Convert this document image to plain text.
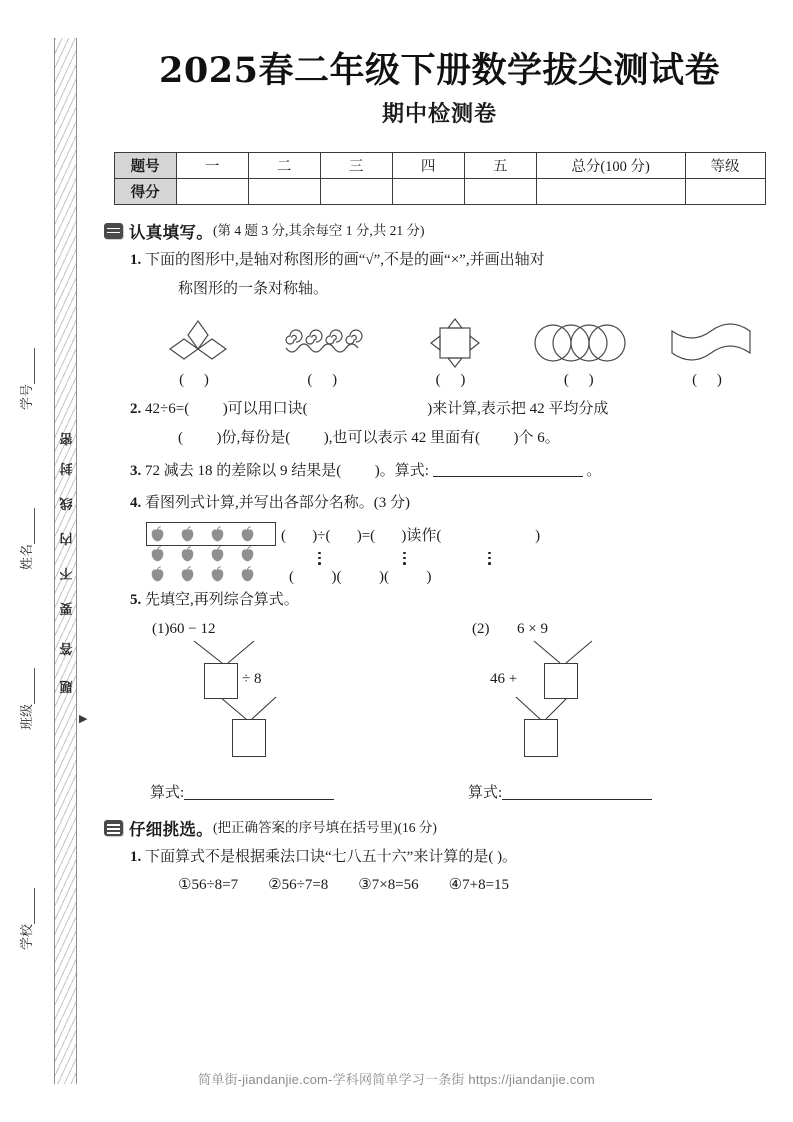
密
封
线
内
不
要
答
题
▶
学号
姓名
班级
学校
2025春二年级下册数学拔尖测试卷
期中检测卷
题号	一	二	三	四	五	总分(100 分)	等级
得分							
认真填写。 (第 4 题 3 分,其余每空 1 分,共 21 分)
1. 下面的图形中,是轴对称图形的画“√”,不是的画“×”,并画出轴对
称图形的一条对称轴。
( )	( )	( )	( )	( )
2. 42÷6=( )可以用口诀(	)来计算,表示把 42 平均分成
( )份,每份是( ),也可以表示 42 里面有( )个 6。
3. 72 减去 18 的差除以 9 结果是( )。算式:	。
4. 看图列式计算,并写出各部分名称。(3 分)
(       )÷(       )=(       )读作(                         )
(          )(          )(          )
5. 先填空,再列综合算式。
(1)60 − 12
÷ 8
(2) 6 × 9
46 +
算式:	算式:
仔细挑选。 (把正确答案的序号填在括号里)(16 分)
1. 下面算式不是根据乘法口诀“七八五十六”来计算的是( )。
①56÷8=7 ②56÷7=8 ③7×8=56 ④7+8=15
简单街-jiandanjie.com-学科网简单学习一条街 https://jiandanjie.com
